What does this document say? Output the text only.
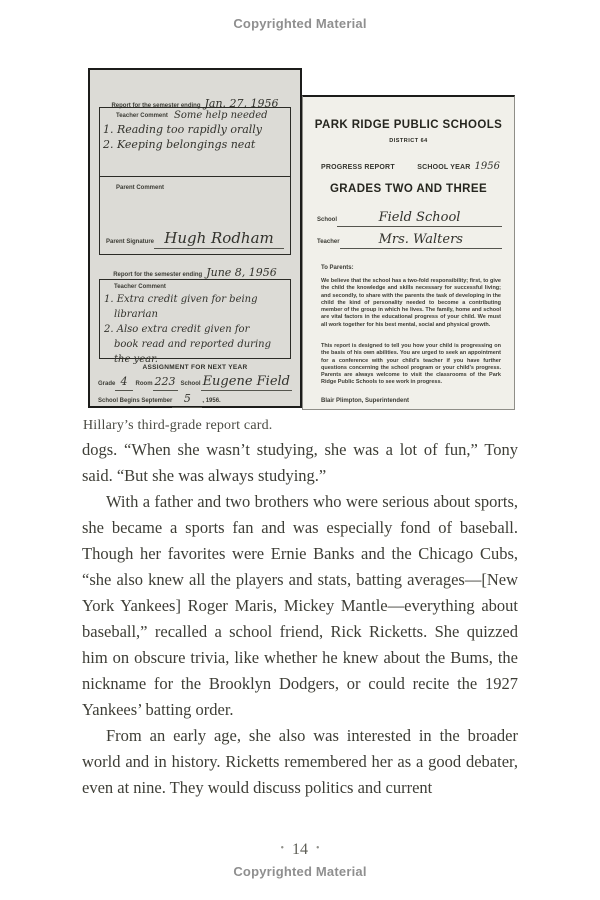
Copyrighted Material
Report for the semester ending Jan. 27, 1956
Teacher Comment Some help needed
1. Reading too rapidly orally
2. Keeping belongings neat
Parent Comment
Parent Signature Hugh Rodham
Report for the semester ending June 8, 1956
Teacher Comment
1. Extra credit given for being
librarian
2. Also extra credit given for
book read and reported during
the year.
ASSIGNMENT FOR NEXT YEAR
Grade 4	Room 223 School Eugene Field
School Begins September	5	, 1956.
PARK RIDGE PUBLIC SCHOOLS
DISTRICT 64
PROGRESS REPORT	SCHOOL YEAR 1956
GRADES TWO AND THREE
School	Field School
Teacher	Mrs. Walters
To Parents:
We believe that the school has a two-fold responsibility; first, to give the child the knowledge and skills necessary for successful living; and secondly, to share with the parents the task of developing in the child the kind of personality needed to become a contributing member of the group in which he lives. The family, home and school are vital factors in the educational progress of your child. We must all work together for his best mental, social and physical growth.
This report is designed to tell you how your child is progressing on the basis of his own abilities. You are urged to seek an appointment for a conference with your child’s teacher if you have further questions concerning the school program or your child’s progress. Parents are always welcome to visit the classrooms of the Park Ridge Public Schools to see work in progress.
Blair Plimpton, Superintendent
Hillary’s third-grade report card.

dogs. “When she wasn’t studying, she was a lot of fun,” Tony said. “But she was always studying.”

With a father and two brothers who were serious about sports, she became a sports fan and was especially fond of baseball. Though her favorites were Ernie Banks and the Chicago Cubs, “she also knew all the players and stats, batting averages—[New York Yankees] Roger Maris, Mickey Mantle—everything about baseball,” recalled a school friend, Rick Ricketts. She quizzed him on obscure trivia, like whether he knew about the Bums, the nickname for the Brooklyn Dodgers, or could recite the 1927 Yankees’ batting order.

From an early age, she also was interested in the broader world and in history. Ricketts remembered her as a good debater, even at nine. They would discuss politics and current

• 14 •
Copyrighted Material
